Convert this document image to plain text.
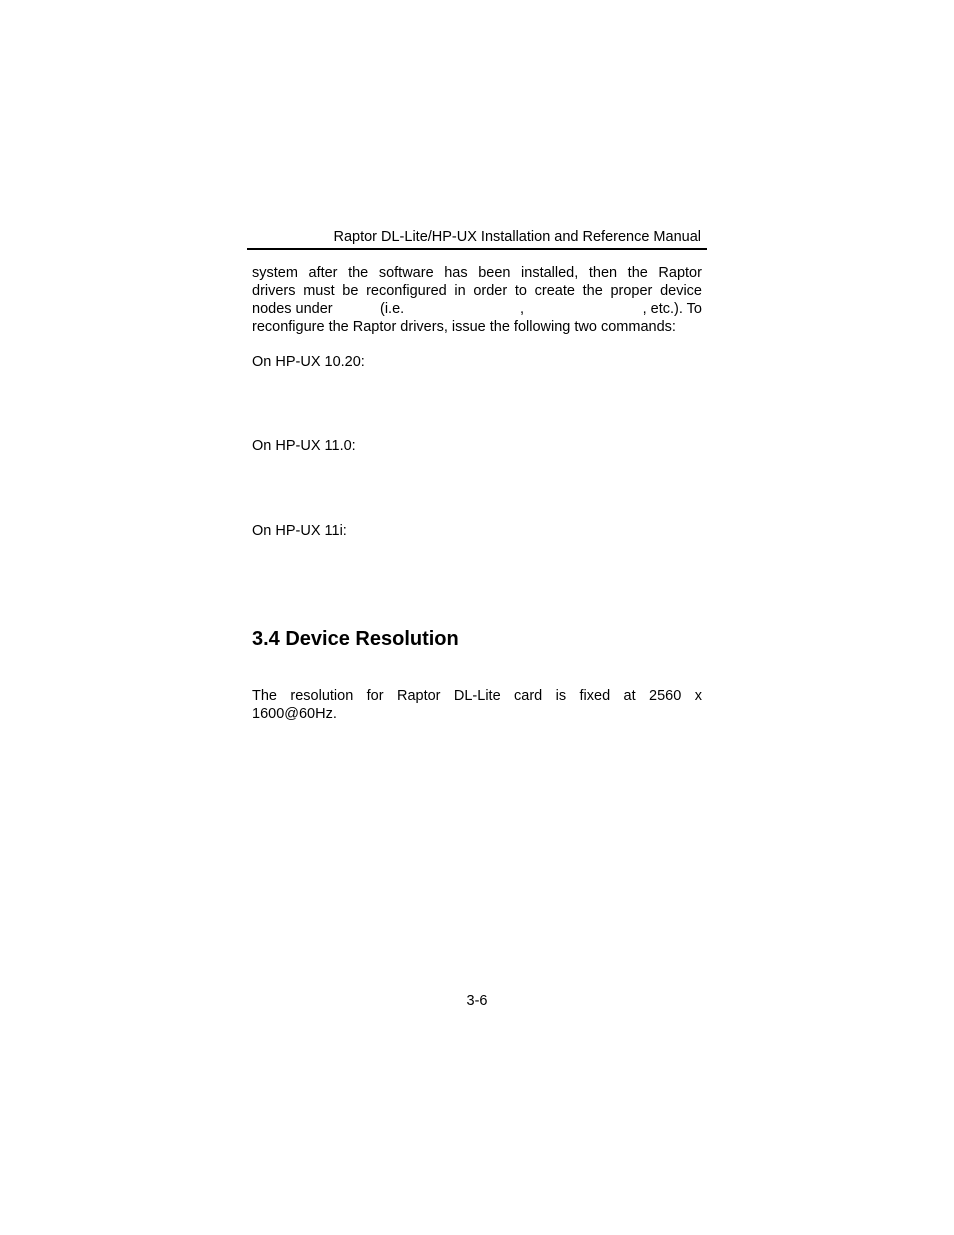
Raptor DL-Lite/HP-UX Installation and Reference Manual
system after the software has been installed, then the Raptor
drivers must be reconfigured in order to create the proper device
nodes under	(i.e.	,	, etc.). To
reconfigure the Raptor drivers, issue the following two commands:
On HP-UX 10.20:
On HP-UX 11.0:
On HP-UX 11i:
3.4 Device Resolution
The resolution for Raptor DL-Lite card is fixed at 2560 x
1600@60Hz.
3-6
